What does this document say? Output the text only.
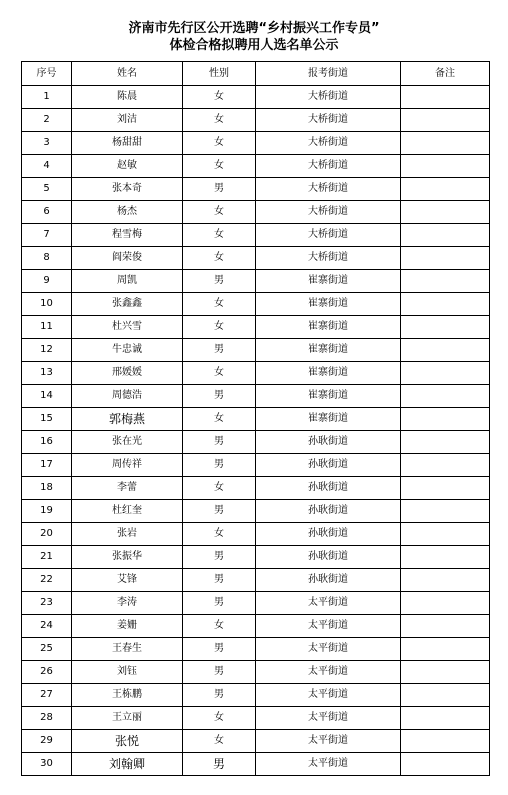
济南市先行区公开选聘“乡村振兴工作专员”
体检合格拟聘用人选名单公示
序号	姓名	性别	报考街道	备注
1	陈晨	女	大桥街道	
2	刘洁	女	大桥街道	
3	杨甜甜	女	大桥街道	
4	赵敏	女	大桥街道	
5	张本奇	男	大桥街道	
6	杨杰	女	大桥街道	
7	程雪梅	女	大桥街道	
8	阎荣俊	女	大桥街道	
9	周凯	男	崔寨街道	
10	张鑫鑫	女	崔寨街道	
11	杜兴雪	女	崔寨街道	
12	牛忠诚	男	崔寨街道	
13	邢媛媛	女	崔寨街道	
14	周德浩	男	崔寨街道	
15	郭梅燕	女	崔寨街道	
16	张在光	男	孙耿街道	
17	周传祥	男	孙耿街道	
18	李蕾	女	孙耿街道	
19	杜红奎	男	孙耿街道	
20	张岩	女	孙耿街道	
21	张振华	男	孙耿街道	
22	艾锋	男	孙耿街道	
23	李涛	男	太平街道	
24	姜姗	女	太平街道	
25	王春生	男	太平街道	
26	刘钰	男	太平街道	
27	王栋鹏	男	太平街道	
28	王立丽	女	太平街道	
29	张悦	女	太平街道	
30	刘翰卿	男	太平街道	
